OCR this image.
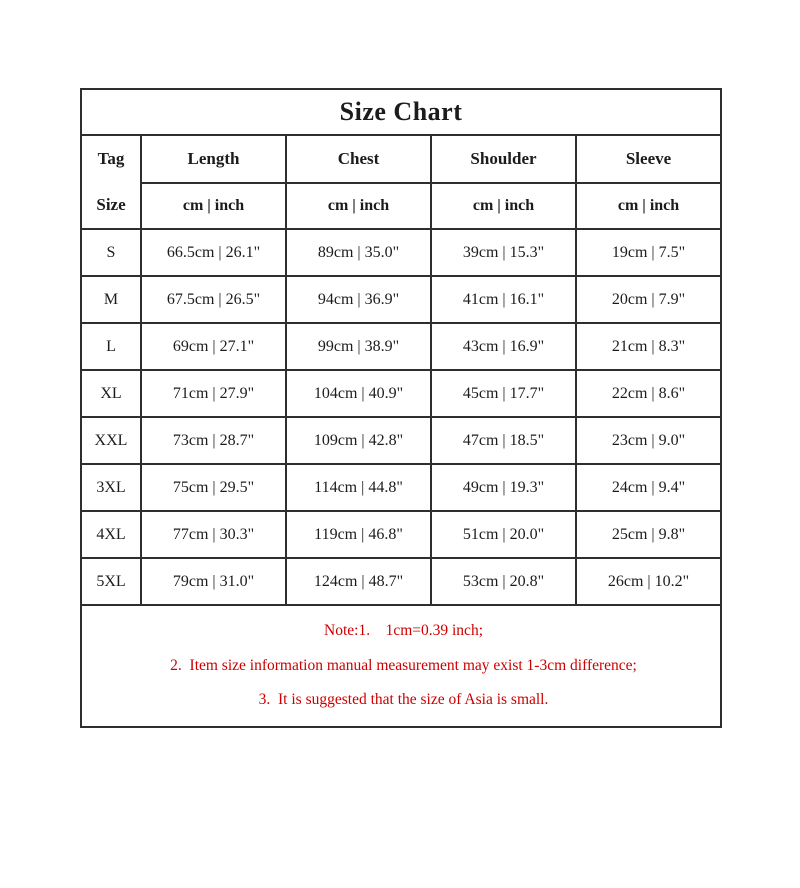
Size Chart				

Tag
Size	Length	Chest	Shoulder	Sleeve
	cm | inch	cm | inch	cm | inch	cm | inch
S	66.5cm | 26.1"	89cm | 35.0"	39cm | 15.3"	19cm | 7.5"
M	67.5cm | 26.5"	94cm | 36.9"	41cm | 16.1"	20cm | 7.9"
L	69cm | 27.1"	99cm | 38.9"	43cm | 16.9"	21cm | 8.3"
XL	71cm | 27.9"	104cm | 40.9"	45cm | 17.7"	22cm | 8.6"
XXL	73cm | 28.7"	109cm | 42.8"	47cm | 18.5"	23cm | 9.0"
3XL	75cm | 29.5"	114cm | 44.8"	49cm | 19.3"	24cm | 9.4"
4XL	77cm | 30.3"	119cm | 46.8"	51cm | 20.0"	25cm | 9.8"
5XL	79cm | 31.0"	124cm | 48.7"	53cm | 20.8"	26cm | 10.2"

Note:1.    1cm=0.39 inch;
2.  Item size information manual measurement may exist 1-3cm difference;
3.  It is suggested that the size of Asia is small.				
